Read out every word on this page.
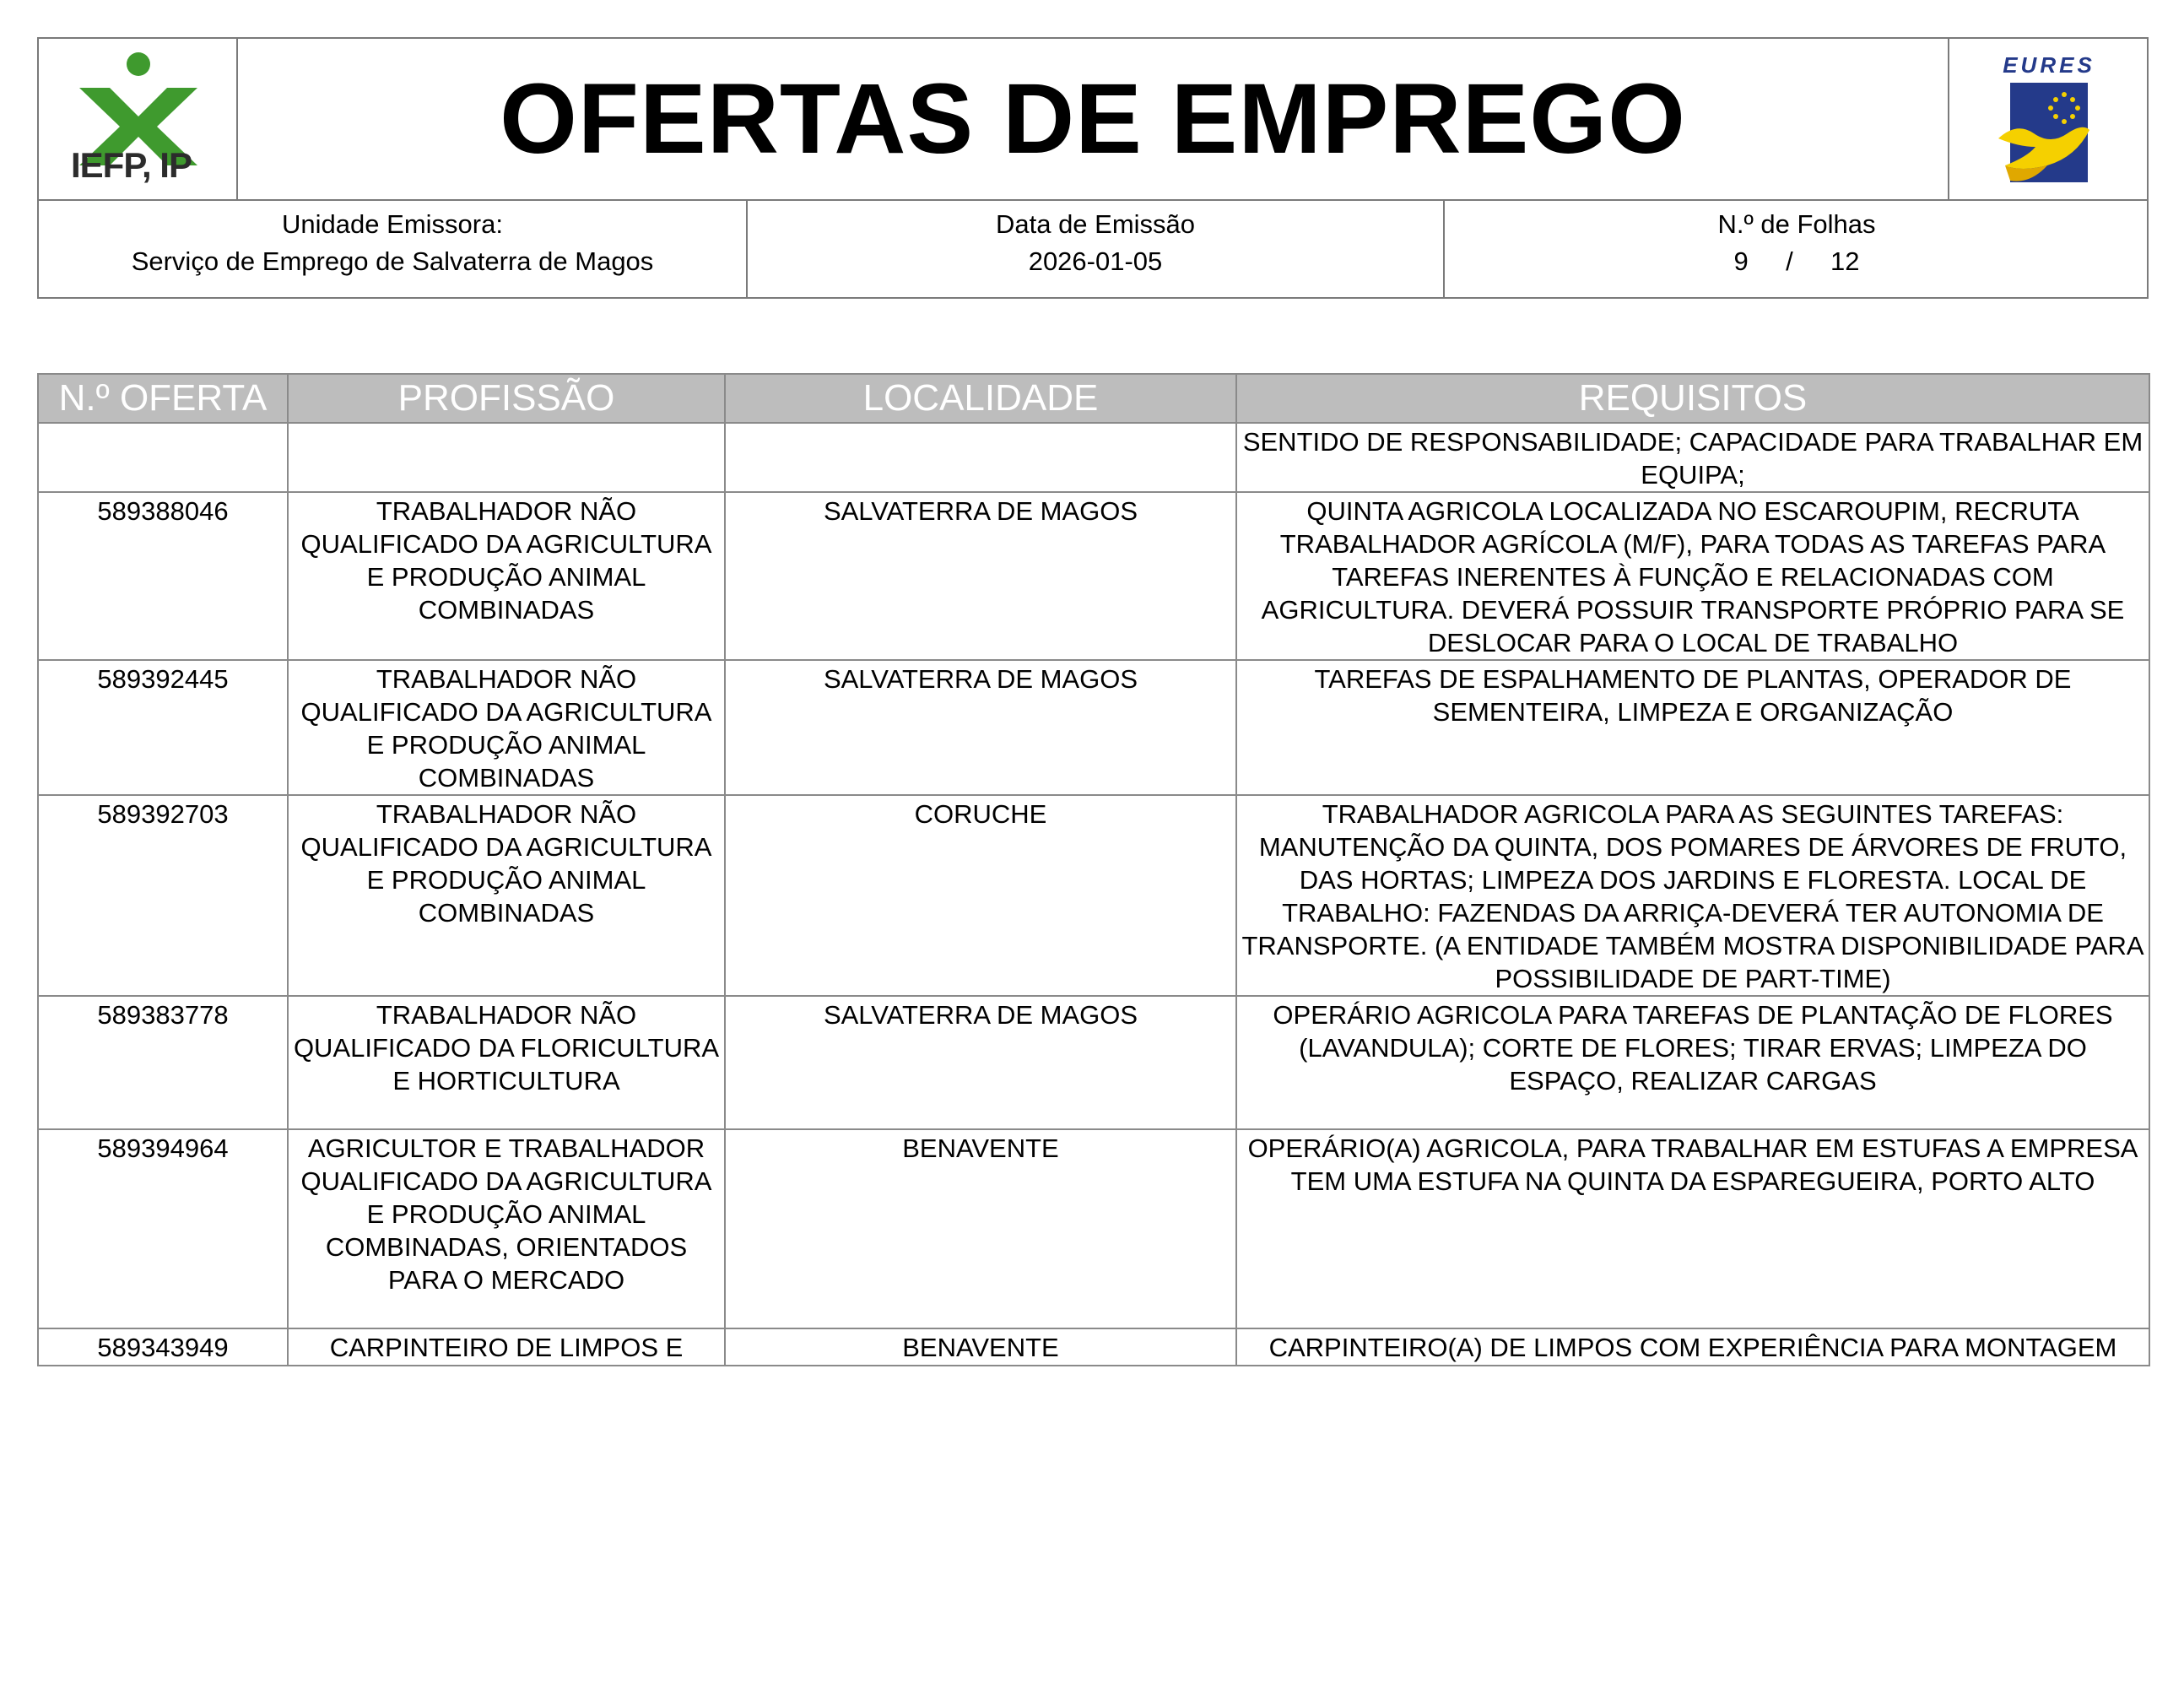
IEFP, IP	OFERTAS DE EMPREGO	EURES
Unidade Emissora:
Serviço de Emprego de Salvaterra de Magos
Data de Emissão
2026-01-05
N.º de Folhas
9 / 12
N.º OFERTA	PROFISSÃO	LOCALIDADE	REQUISITOS
			SENTIDO DE RESPONSABILIDADE; CAPACIDADE PARA TRABALHAR EM EQUIPA;
589388046	TRABALHADOR NÃO QUALIFICADO DA AGRICULTURA E PRODUÇÃO ANIMAL COMBINADAS	SALVATERRA DE MAGOS	QUINTA AGRICOLA LOCALIZADA NO ESCAROUPIM, RECRUTA TRABALHADOR AGRÍCOLA (M/F), PARA TODAS AS TAREFAS PARA TAREFAS INERENTES À FUNÇÃO E RELACIONADAS COM AGRICULTURA. DEVERÁ POSSUIR TRANSPORTE PRÓPRIO PARA SE DESLOCAR PARA O LOCAL DE TRABALHO
589392445	TRABALHADOR NÃO QUALIFICADO DA AGRICULTURA E PRODUÇÃO ANIMAL COMBINADAS	SALVATERRA DE MAGOS	TAREFAS DE ESPALHAMENTO DE PLANTAS, OPERADOR DE SEMENTEIRA, LIMPEZA E ORGANIZAÇÃO
589392703	TRABALHADOR NÃO QUALIFICADO DA AGRICULTURA E PRODUÇÃO ANIMAL COMBINADAS	CORUCHE	TRABALHADOR AGRICOLA PARA AS SEGUINTES TAREFAS: MANUTENÇÃO DA QUINTA, DOS POMARES DE ÁRVORES DE FRUTO, DAS HORTAS; LIMPEZA DOS JARDINS E FLORESTA. LOCAL DE TRABALHO: FAZENDAS DA ARRIÇA-DEVERÁ TER AUTONOMIA DE TRANSPORTE. (A ENTIDADE TAMBÉM MOSTRA DISPONIBILIDADE PARA POSSIBILIDADE DE PART-TIME)
589383778	TRABALHADOR NÃO QUALIFICADO DA FLORICULTURA E HORTICULTURA	SALVATERRA DE MAGOS	OPERÁRIO AGRICOLA PARA TAREFAS DE PLANTAÇÃO DE FLORES (LAVANDULA); CORTE DE FLORES; TIRAR ERVAS; LIMPEZA DO ESPAÇO, REALIZAR CARGAS
589394964	AGRICULTOR E TRABALHADOR QUALIFICADO DA AGRICULTURA E PRODUÇÃO ANIMAL COMBINADAS, ORIENTADOS PARA O MERCADO	BENAVENTE	OPERÁRIO(A) AGRICOLA, PARA TRABALHAR EM ESTUFAS A EMPRESA TEM UMA ESTUFA NA QUINTA DA ESPAREGUEIRA, PORTO ALTO
589343949	CARPINTEIRO DE LIMPOS E	BENAVENTE	CARPINTEIRO(A) DE LIMPOS COM EXPERIÊNCIA PARA MONTAGEM
